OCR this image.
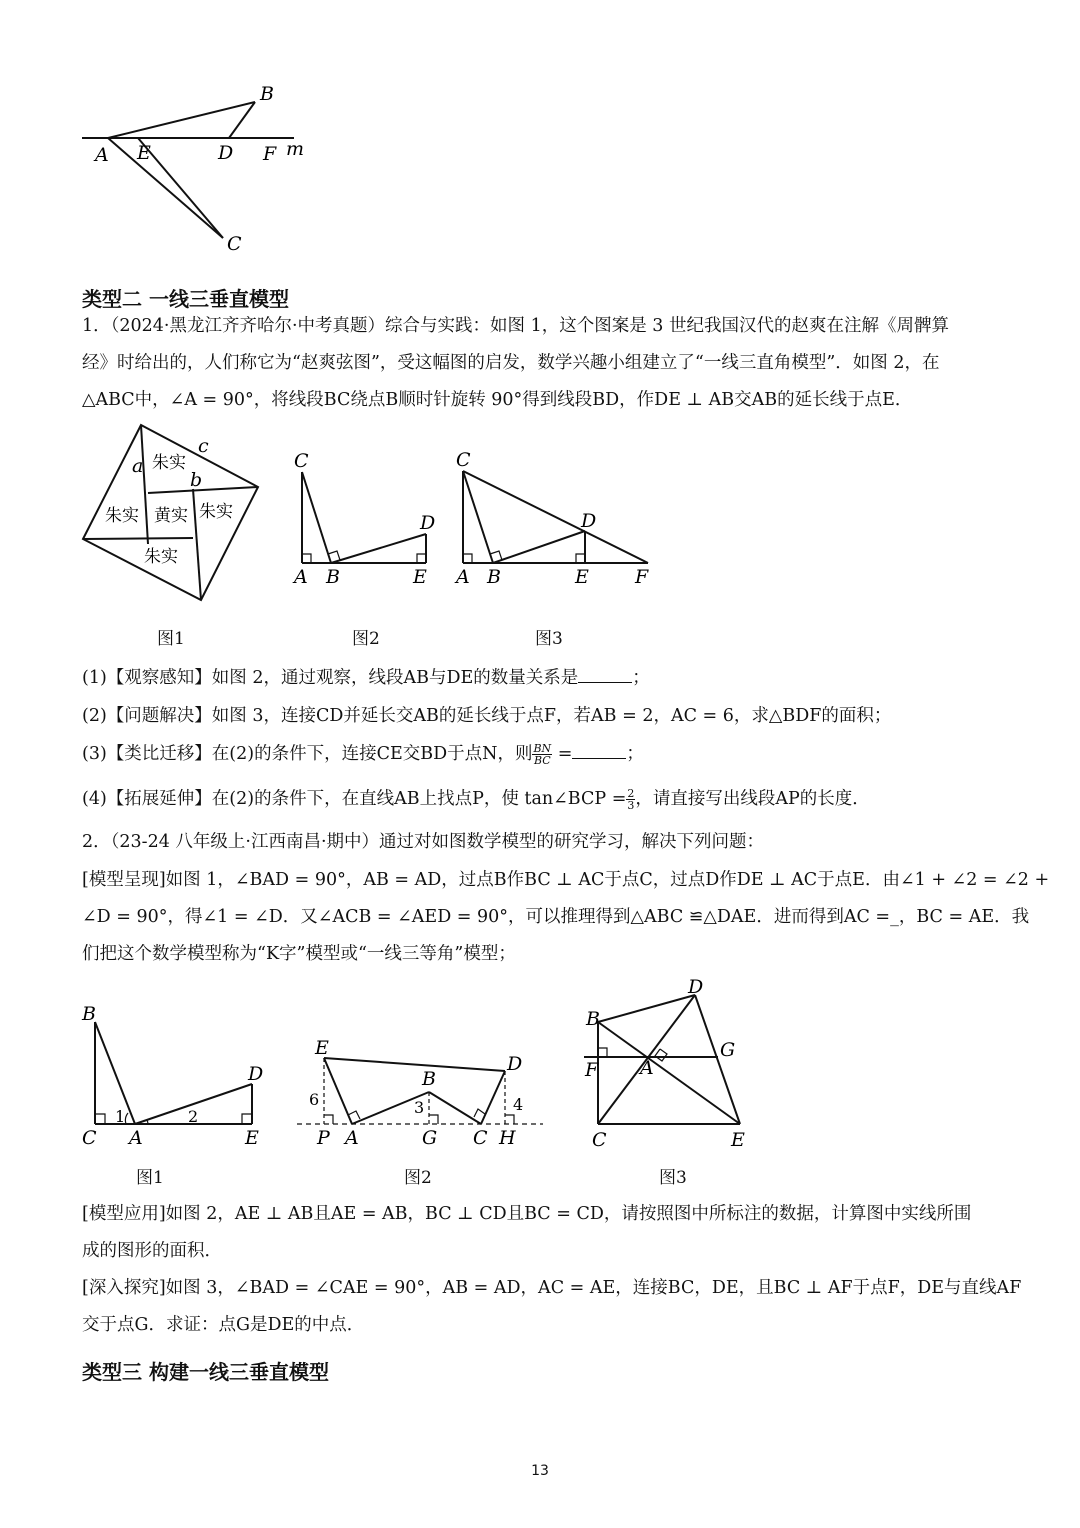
B
A E	D F m
C
类型二 一线三垂直模型
1．（2024·黑龙江齐齐哈尔·中考真题）综合与实践：如图 1，这个图案是 3 世纪我国汉代的赵爽在注解《周髀算
经》时给出的，人们称它为“赵爽弦图”，受这幅图的启发，数学兴趣小组建立了“一线三直角模型”．如图 2，在
△ABC中，∠A = 90°，将线段BC绕点B顺时针旋转 90°得到线段BD，作DE ⊥ AB交AB的延长线于点E．
a
c
b
朱实
朱实 黄实 朱实
朱实
图1
C
D
A B	E
图2
C
D
A B	E F
图3
(1)【观察感知】如图 2，通过观察，线段AB与DE的数量关系是	；
(2)【问题解决】如图 3，连接CD并延长交AB的延长线于点F，若AB = 2，AC = 6，求△BDF的面积；
(3)【类比迁移】在(2)的条件下，连接CE交BD于点N，则 $\frac{BN}{BC}$ =	；
(4)【拓展延伸】在(2)的条件下，在直线AB上找点P，使 tan∠BCP = $\frac{2}{3}$ ，请直接写出线段AP的长度．
2．（23-24 八年级上·江西南昌·期中）通过对如图数学模型的研究学习，解决下列问题：
[模型呈现]如图 1，∠BAD = 90°，AB = AD，过点B作BC ⊥ AC于点C，过点D作DE ⊥ AC于点E．由∠1 + ∠2 = ∠2 +
∠D = 90°，得∠1 = ∠D．又∠ACB = ∠AED = 90°，可以推理得到△ABC ≌△DAE．进而得到AC =_，BC = AE．我
们把这个数学模型称为“K字”模型或“一线三等角”模型；
B
D
C A	E
1	2
图1
E
B
D
P A	G C H
6	3	4
图2
D
B
G
F A
C	E
图3
[模型应用]如图 2，AE ⊥ AB且AE = AB，BC ⊥ CD且BC = CD，请按照图中所标注的数据，计算图中实线所围
成的图形的面积．
[深入探究]如图 3，∠BAD = ∠CAE = 90°，AB = AD，AC = AE，连接BC，DE，且BC ⊥ AF于点F，DE与直线AF
交于点G．求证：点G是DE的中点．
类型三 构建一线三垂直模型
13
